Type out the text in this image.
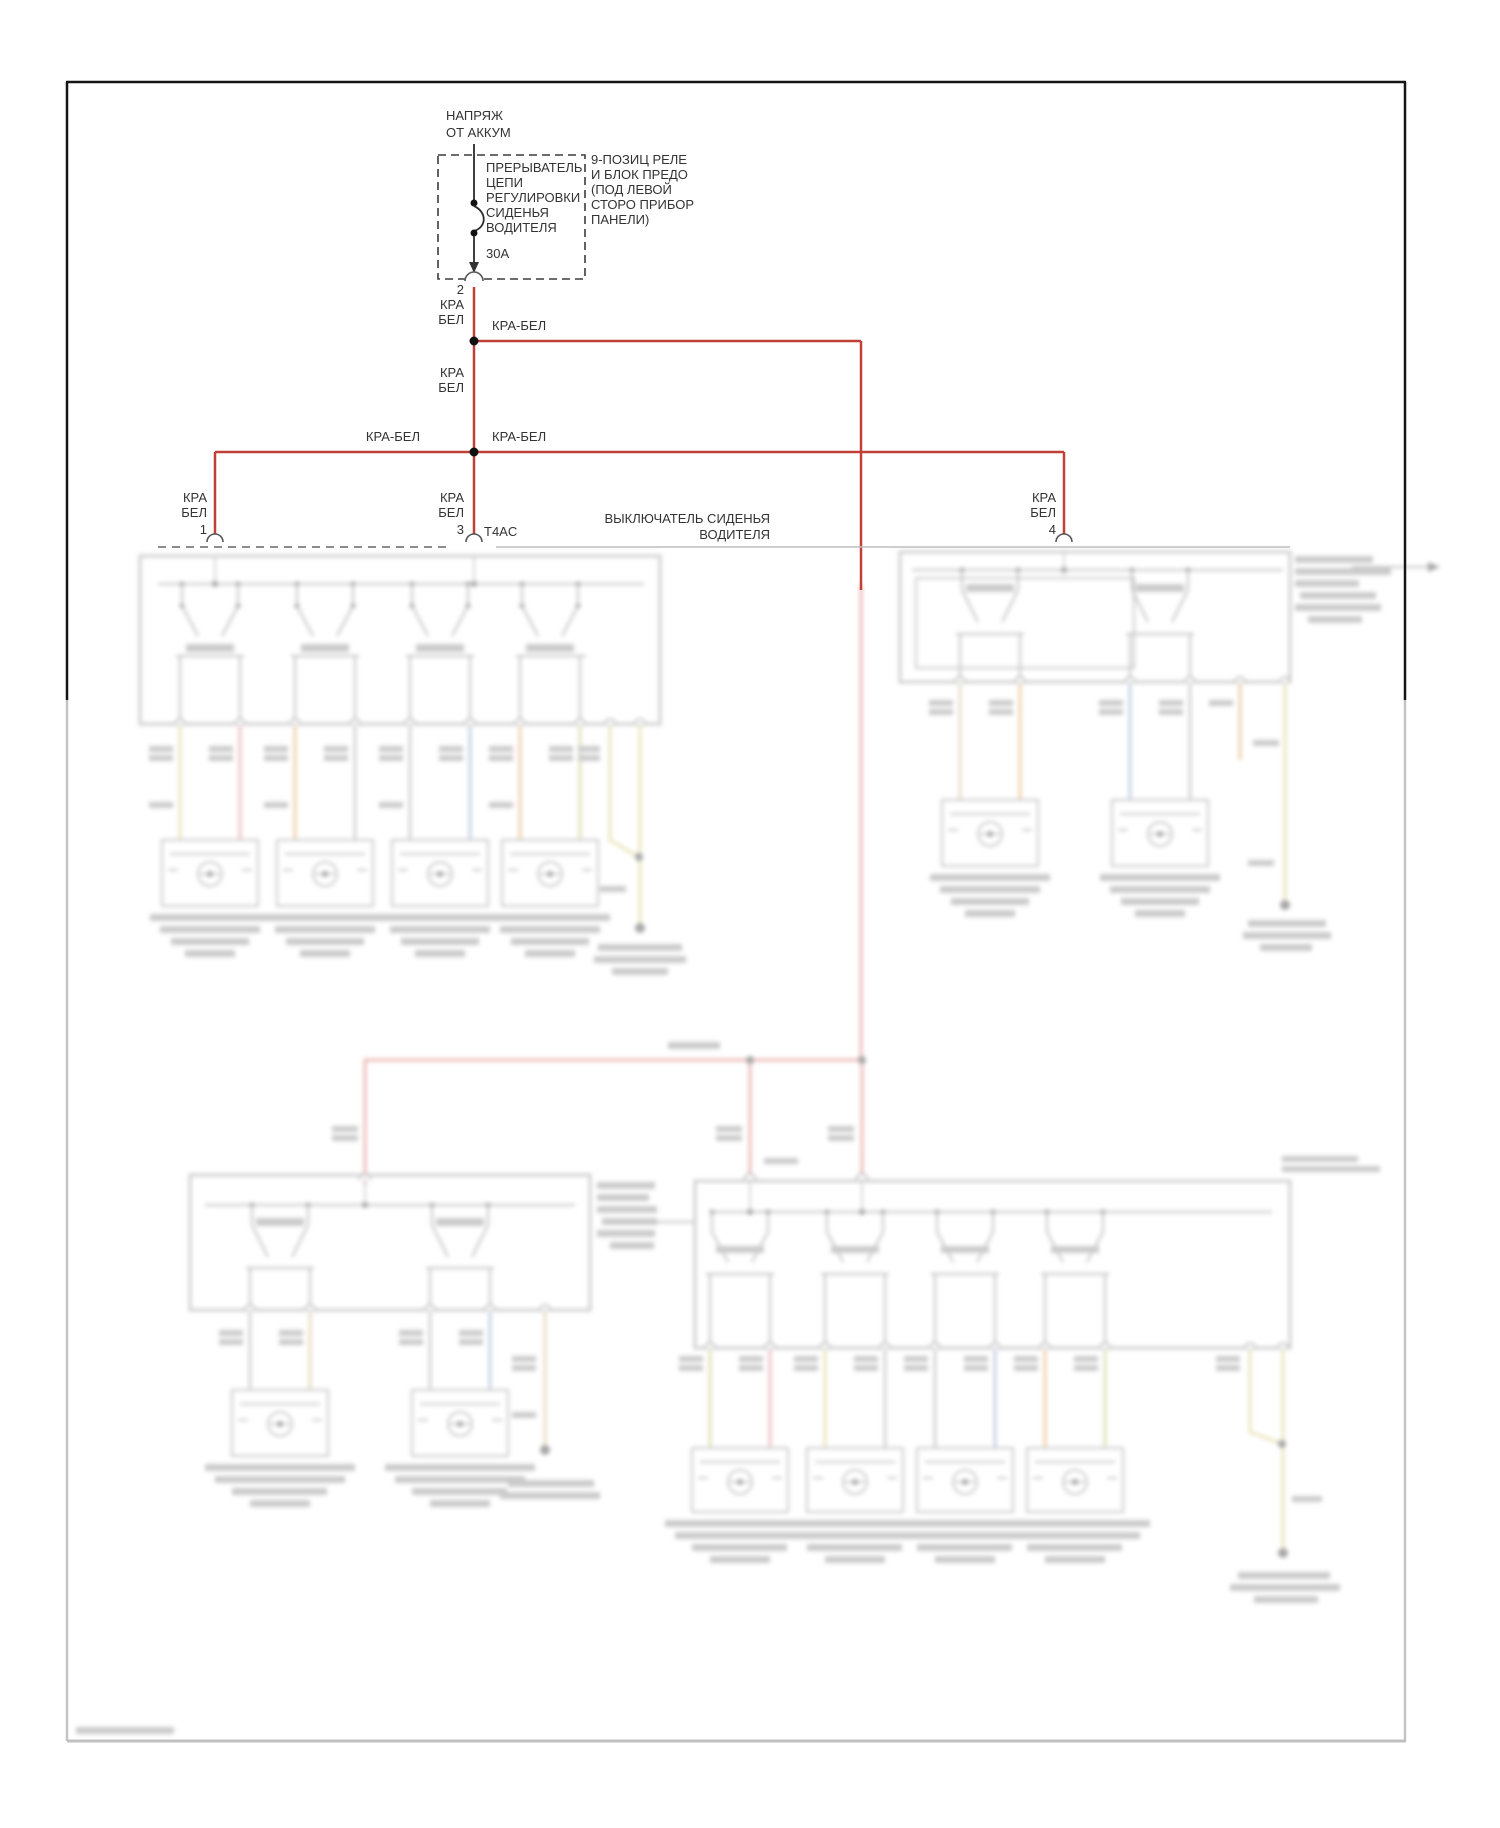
НАПРЯЖ
ОТ АККУМ
ПРЕРЫВАТЕЛЬ
ЦЕПИ
РЕГУЛИРОВКИ
СИДЕНЬЯ
ВОДИТЕЛЯ
30A
9-ПОЗИЦ РЕЛЕ
И БЛОК ПРЕДО
(ПОД ЛЕВОЙ
СТОРО ПРИБОР
ПАНЕЛИ)
2
КРА
БЕЛ КРА-БЕЛ
КРА
БЕЛ
КРА-БЕЛ	КРА-БЕЛ
КРА
БЕЛ
1
КРА
БЕЛ
3 T4AC
КРА
БЕЛ
4
ВЫКЛЮЧАТЕЛЬ СИДЕНЬЯ
ВОДИТЕЛЯ
